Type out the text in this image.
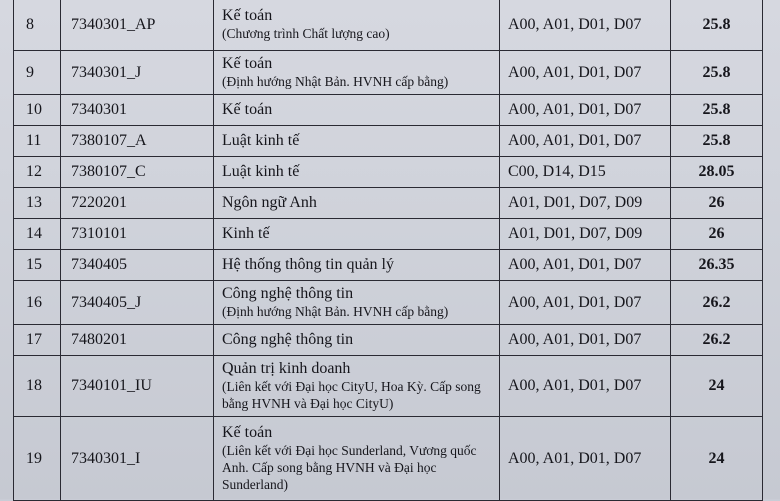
8	7340301_AP	Kế toán
(Chương trình Chất lượng cao)	A00, A01, D01, D07	25.8
9	7340301_J	Kế toán
(Định hướng Nhật Bản. HVNH cấp bằng)	A00, A01, D01, D07	25.8
10	7340301	Kế toán	A00, A01, D01, D07	25.8
11	7380107_A	Luật kinh tế	A00, A01, D01, D07	25.8
12	7380107_C	Luật kinh tế	C00, D14, D15	28.05
13	7220201	Ngôn ngữ Anh	A01, D01, D07, D09	26
14	7310101	Kinh tế	A01, D01, D07, D09	26
15	7340405	Hệ thống thông tin quản lý	A00, A01, D01, D07	26.35
16	7340405_J	Công nghệ thông tin
(Định hướng Nhật Bản. HVNH cấp bằng)	A00, A01, D01, D07	26.2
17	7480201	Công nghệ thông tin	A00, A01, D01, D07	26.2
18	7340101_IU	Quản trị kinh doanh
(Liên kết với Đại học CityU, Hoa Kỳ. Cấp song bằng HVNH và Đại học CityU)	A00, A01, D01, D07	24
19	7340301_I	Kế toán
(Liên kết với Đại học Sunderland, Vương quốc Anh. Cấp song bằng HVNH và Đại học Sunderland)	A00, A01, D01, D07	24
